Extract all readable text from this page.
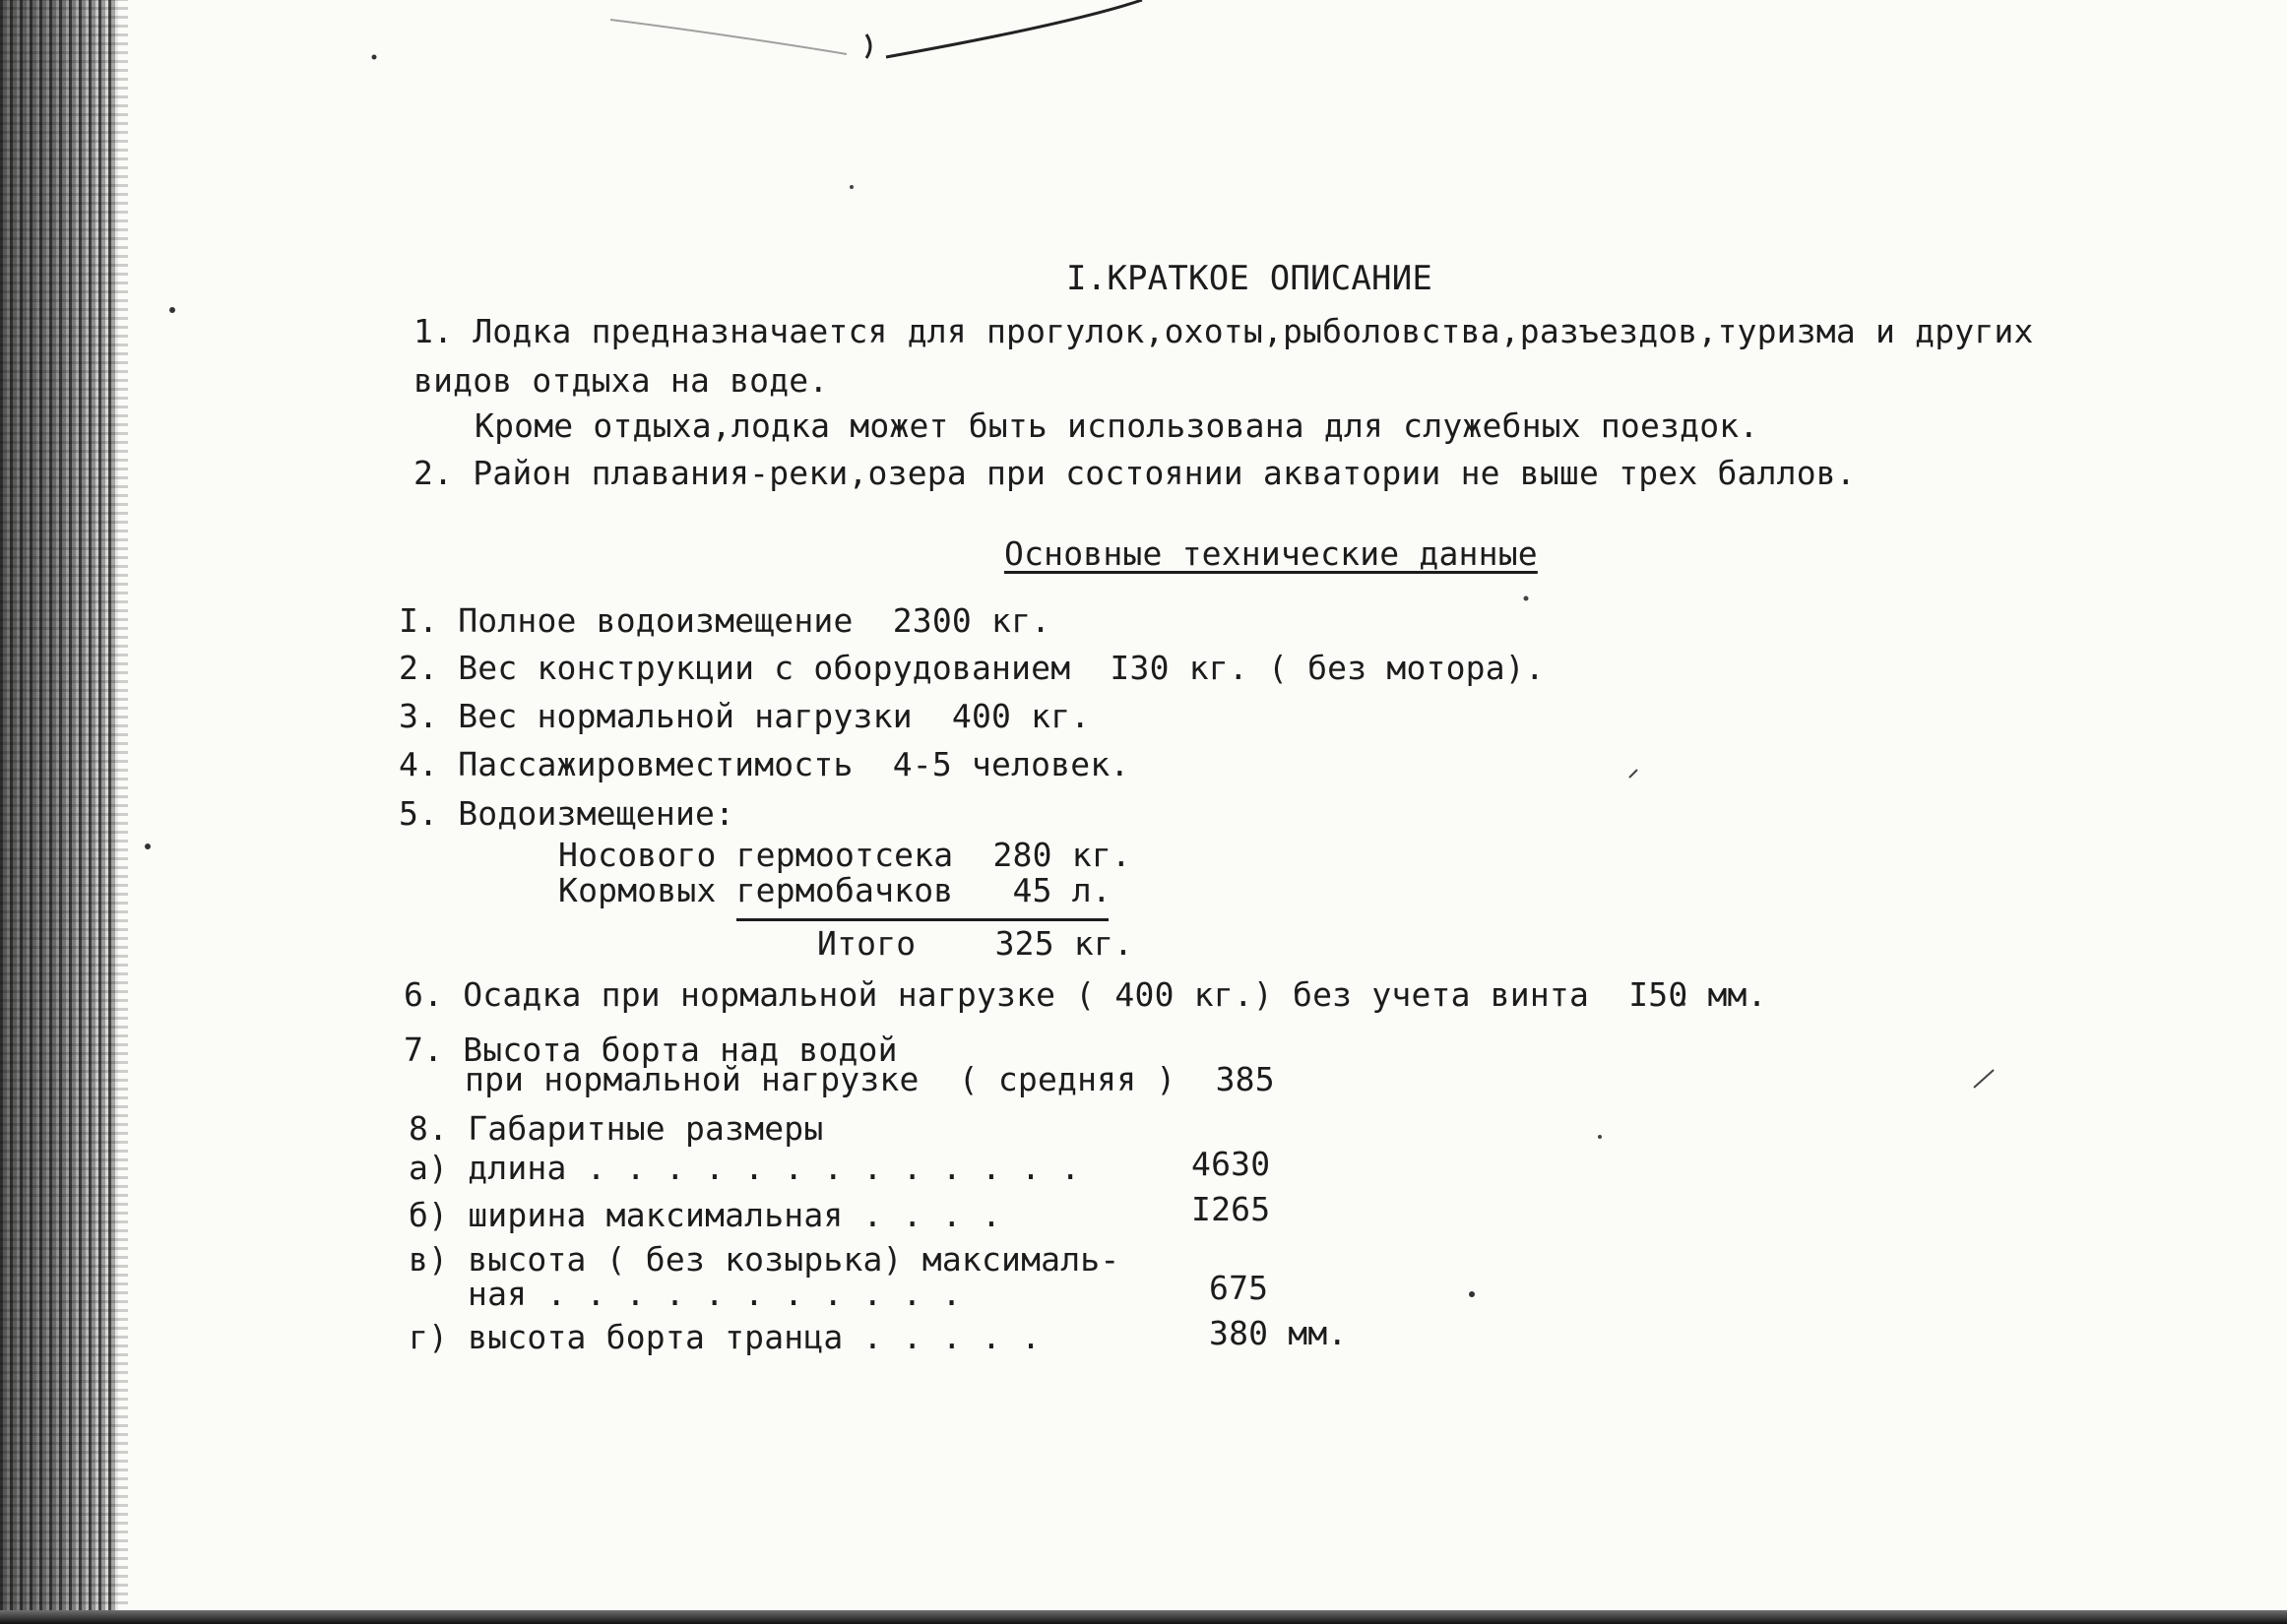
I.КРАТКОЕ ОПИСАНИЕ
1. Лодка предназначается для прогулок,охоты,рыболовства,разъездов,туризма и других
видов отдыха на воде.
Кроме отдыха,лодка может быть использована для служебных поездок.
2. Район плавания-реки,озера при состоянии акватории не выше трех баллов.
Основные технические данные
I. Полное водоизмещение  2300 кг.
2. Вес конструкции с оборудованием  I30 кг. ( без мотора).
3. Вес нормальной нагрузки  400 кг.
4. Пассажировместимость  4-5 человек.
5. Водоизмещение:
Носового гермоотсека  280 кг.
Кормовых гермобачков   45 л.
Итого    325 кг.
6. Осадка при нормальной нагрузке ( 400 кг.) без учета винта  I50 мм.
7. Высота борта над водой
при нормальной нагрузке  ( средняя )  385
8. Габаритные размеры
а) длина . . . . . . . . . . . . .	4630
б) ширина максимальная . . . .	I265
в) высота ( без козырька) максималь-
ная . . . . . . . . . . .	675
г) высота борта транца . . . . .	380 мм.
